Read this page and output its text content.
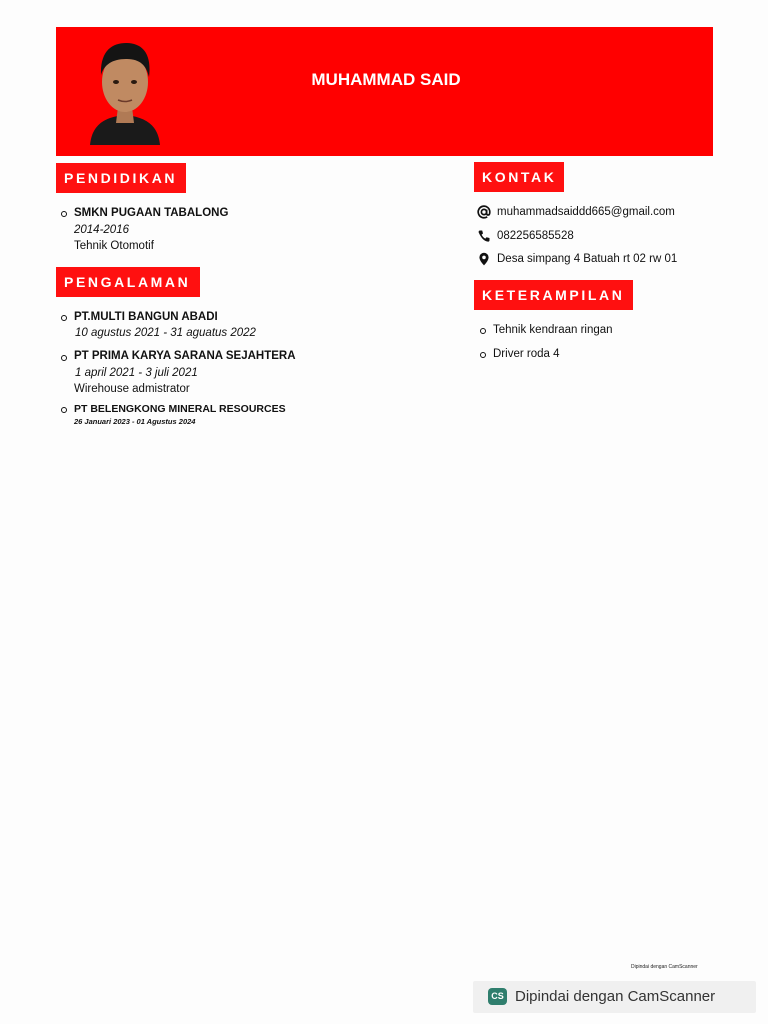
MUHAMMAD SAID
PENDIDIKAN
SMKN PUGAAN TABALONG
2014-2016
Tehnik Otomotif
PENGALAMAN
PT.MULTI BANGUN ABADI
10 agustus 2021 - 31 aguatus 2022
PT PRIMA KARYA SARANA SEJAHTERA
1 april 2021 - 3 juli 2021
Wirehouse admistrator
PT BELENGKONG MINERAL RESOURCES
26 Januari 2023 - 01 Agustus 2024
KONTAK
muhammadsaiddd665@gmail.com
082256585528
Desa simpang 4 Batuah rt 02 rw 01
KETERAMPILAN
Tehnik kendraan ringan
Driver roda 4
Dipindai dengan CamScanner
CS Dipindai dengan CamScanner
